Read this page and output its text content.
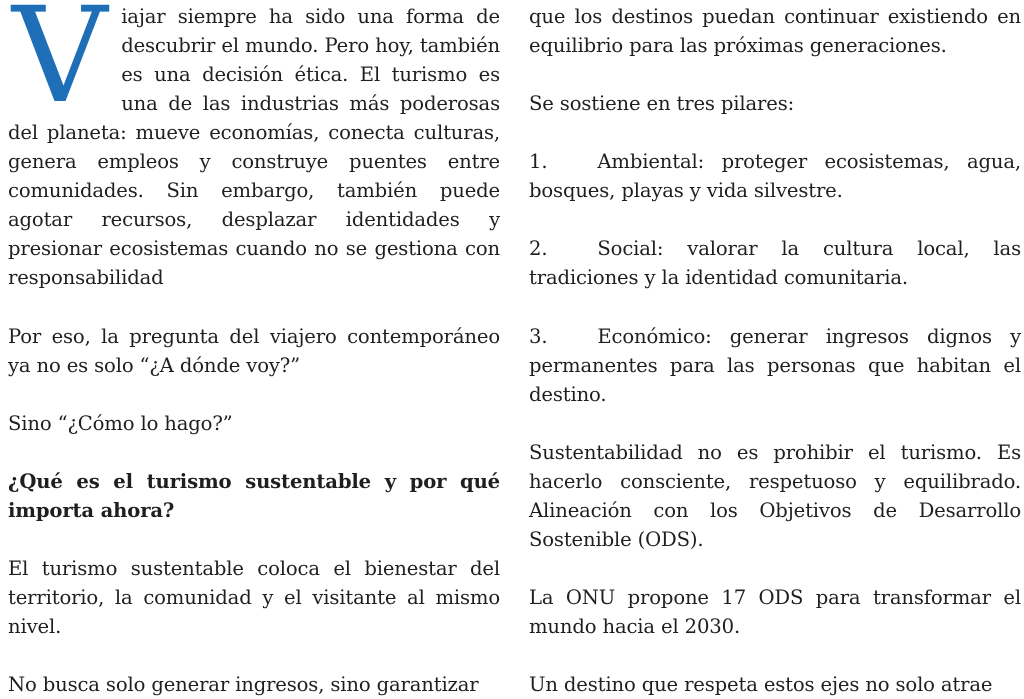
Viajar siempre ha sido una forma de descubrir el mundo. Pero hoy, también es una decisión ética. El turismo es una de las industrias más poderosas del planeta: mueve economías, conecta culturas, genera empleos y construye puentes entre comunidades. Sin embargo, también puede agotar recursos, desplazar identidades y presionar ecosistemas cuando no se gestiona con responsabilidad

Por eso, la pregunta del viajero contemporáneo ya no es solo “¿A dónde voy?”

Sino “¿Cómo lo hago?”

¿Qué es el turismo sustentable y por qué importa ahora?

El turismo sustentable coloca el bienestar del territorio, la comunidad y el visitante al mismo nivel.

No busca solo generar ingresos, sino garantizar

que los destinos puedan continuar existiendo en equilibrio para las próximas generaciones.

Se sostiene en tres pilares:

1.	Ambiental: proteger ecosistemas, agua, bosques, playas y vida silvestre.

2.	Social: valorar la cultura local, las tradiciones y la identidad comunitaria.

3.	Económico: generar ingresos dignos y permanentes para las personas que habitan el destino.

Sustentabilidad no es prohibir el turismo. Es hacerlo consciente, respetuoso y equilibrado. Alineación con los Objetivos de Desarrollo Sostenible (ODS).

La ONU propone 17 ODS para transformar el mundo hacia el 2030.

Un destino que respeta estos ejes no solo atrae
